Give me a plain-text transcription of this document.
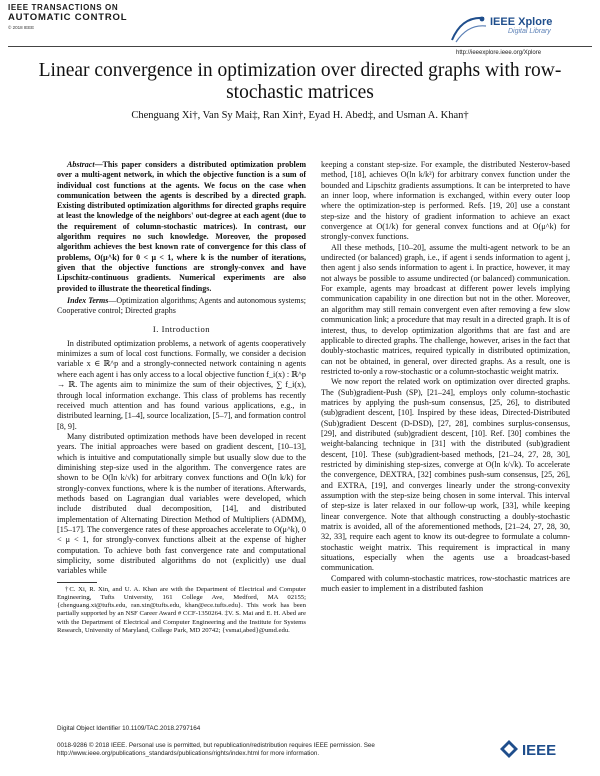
IEEE TRANSACTIONS ON
AUTOMATIC CONTROL
© 2018 IEEE	IEEE Xplore
Digital Library
http://ieeexplore.ieee.org/Xplore
Linear convergence in optimization over directed graphs with row-stochastic matrices
Chenguang Xi†, Van Sy Mai‡, Ran Xin†, Eyad H. Abed‡, and Usman A. Khan†
Abstract—This paper considers a distributed optimization problem over a multi-agent network, in which the objective function is a sum of individual cost functions at the agents. We focus on the case when communication between the agents is described by a directed graph. Existing distributed optimization algorithms for directed graphs require at least the knowledge of the neighbors' out-degree at each agent (due to the requirement of column-stochastic matrices). In contrast, our algorithm requires no such knowledge. Moreover, the proposed algorithm achieves the best known rate of convergence for this class of problems, O(μ^k) for 0 < μ < 1, where k is the number of iterations, given that the objective functions are strongly-convex and have Lipschitz-continuous gradients. Numerical experiments are also provided to illustrate the theoretical findings.
Index Terms—Optimization algorithms; Agents and autonomous systems; Cooperative control; Directed graphs
I. Introduction

In distributed optimization problems, a network of agents cooperatively minimizes a sum of local cost functions. Formally, we consider a decision variable x ∈ ℝ^p and a strongly-connected network containing n agents where each agent i has only access to a local objective function f_i(x) : ℝ^p → ℝ. The agents aim to minimize the sum of their objectives, ∑ f_i(x), through local information exchange. This class of problems has recently received much attention and has found various applications, e.g., in distributed learning, [1–4], source localization, [5–7], and formation control [8, 9].

Many distributed optimization methods have been developed in recent years. The initial approaches were based on gradient descent, [10–13], which is intuitive and computationally simple but usually slow due to the diminishing step-size used in the algorithm. The convergence rates are shown to be O(ln k/√k) for arbitrary convex functions and O(ln k/k) for strongly-convex functions, where k is the number of iterations. Afterwards, methods based on Lagrangian dual variables were developed, which include distributed dual decomposition, [14], and distributed implementation of Alternating Direction Method of Multipliers (ADMM), [15–17]. The convergence rates of these approaches accelerate to O(μ^k), 0 < μ < 1, for strongly-convex functions albeit at the expense of higher computation. To achieve both fast convergence rate and computational simplicity, some distributed algorithms do not (explicitly) use dual variables while

†C. Xi, R. Xin, and U. A. Khan are with the Department of Electrical and Computer Engineering, Tufts University, 161 College Ave, Medford, MA 02155; {chenguang.xi@tufts.edu, ran.xin@tufts.edu, khan@ece.tufts.edu}. This work has been partially supported by an NSF Career Award # CCF-1350264. ‡V. S. Mai and E. H. Abed are with the Department of Electrical and Computer Engineering and the Institute for Systems Research, University of Maryland, College Park, MD 20742; {vsmai,abed}@umd.edu.

keeping a constant step-size. For example, the distributed Nesterov-based method, [18], achieves O(ln k/k²) for arbitrary convex function under the bounded and Lipschitz gradients assumptions. It can be interpreted to have an inner loop, where information is exchanged, within every outer loop where the optimization-step is performed. Refs. [19, 20] use a constant step-size and the history of gradient information to achieve an exact convergence at O(1/k) for general convex functions and at O(μ^k) for strongly-convex functions.

All these methods, [10–20], assume the multi-agent network to be an undirected (or balanced) graph, i.e., if agent i sends information to agent j, then agent j also sends information to agent i. In practice, however, it may not always be possible to assume undirected (or balanced) communication. For example, agents may broadcast at different power levels implying communication capability in one direction but not in the other. Moreover, an algorithm may still remain convergent even after removing a few slow communication link; a procedure that may result in a directed graph. It is of interest, thus, to develop optimization algorithms that are fast and are applicable to directed graphs. The challenge, however, arises in the fact that doubly-stochastic matrices, required typically in distributed optimization, can not be obtained, in general, over directed graphs. As a result, one is restricted to-only a row-stochastic or a column-stochastic weight matrix.

We now report the related work on optimization over directed graphs. The (Sub)gradient-Push (SP), [21–24], employs only column-stochastic matrices by applying the push-sum consensus, [25, 26], to distributed (sub)gradient descent, [10]. Inspired by these ideas, Directed-Distributed (Sub)gradient Descent (D-DSD), [27, 28], combines surplus-consensus, [29], and distributed (sub)gradient descent, [10]. Ref. [30] combines the weight-balancing technique in [31] with the distributed (sub)gradient descent, [10]. These (sub)gradient-based methods, [21–24, 27, 28, 30], restricted by diminishing step-sizes, converge at O(ln k/√k). To accelerate the convergence, DEXTRA, [32] combines push-sum consensus, [25, 26], and EXTRA, [19], and converges linearly under the strong-convexity assumption with the step-size being chosen in some interval. This interval of step-size is later relaxed in our follow-up work, [33], while keeping linear convergence. Note that although constructing a doubly-stochastic matrix is avoided, all of the aforementioned methods, [21–24, 27, 28, 30, 32, 33], require each agent to know its out-degree to formulate a column-stochastic weight matrix. This requirement is impractical in many situations, especially when the agents use a broadcast-based communication.

Compared with column-stochastic matrices, row-stochastic matrices are much easier to implement in a distributed fashion

Digital Object Identifier 10.1109/TAC.2018.2797164
0018-9286 © 2018 IEEE. Personal use is permitted, but republication/redistribution requires IEEE permission. See http://www.ieee.org/publications_standards/publications/rights/index.html for more information.	IEEE
